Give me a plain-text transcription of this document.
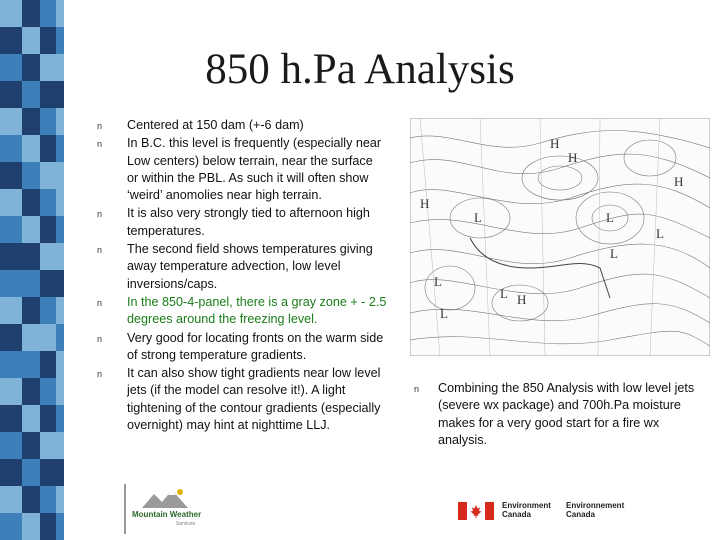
850 h.Pa Analysis
n Centered at 150 dam (+-6 dam)
n In B.C. this level is frequently (especially near Low centers) below terrain, near the surface or within the PBL. As such it will often show ‘weird’ anomolies near high terrain.
n It is also very strongly tied to afternoon high temperatures.
n The second field shows temperatures giving away temperature advection, low level inversions/caps.
n In the 850-4-panel, there is a gray zone + - 2.5 degrees around the freezing level.
n Very good for locating fronts on the warm side of strong temperature gradients.
n It can also show tight gradients near low level jets (if the model can resolve it!). A light tightening of the contour gradients (especially overnight) may hint at nighttime LLJ.
H
H
H
L	L
L
L
L
L
H
L
H
n Combining the 850 Analysis with low level jets (severe wx package) and 700h.Pa moisture makes for a very good start for a fire wx analysis.
Mountain Weather
Services
Environment
Canada
Environnement
Canada
